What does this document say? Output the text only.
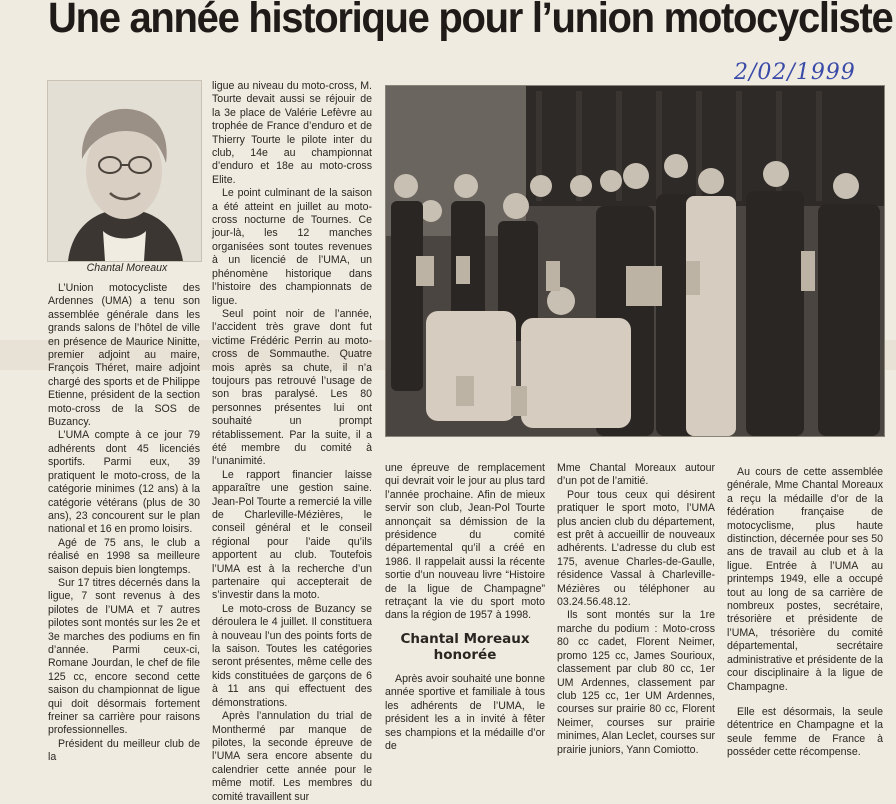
Une année historique pour l’union motocycliste
2/02/1999
Chantal Moreaux

L’Union motocycliste des Ardennes (UMA) a tenu son assemblée générale dans les grands salons de l’hôtel de ville en présence de Maurice Ninitte, premier adjoint au maire, François Théret, maire adjoint chargé des sports et de Philippe Etienne, président de la section moto-cross de la SOS de Buzancy.

L’UMA compte à ce jour 79 adhérents dont 45 licenciés sportifs. Parmi eux, 39 pratiquent le moto-cross, de la catégorie minimes (12 ans) à la catégorie vétérans (plus de 30 ans), 23 concourent sur le plan national et 16 en promo loisirs.

Agé de 75 ans, le club a réalisé en 1998 sa meilleure saison depuis bien longtemps.

Sur 17 titres décernés dans la ligue, 7 sont revenus à des pilotes de l’UMA et 7 autres pilotes sont montés sur les 2e et 3e marches des podiums en fin d’année. Parmi ceux-ci, Romane Jourdan, le chef de file 125 cc, encore second cette saison du championnat de ligue qui doit désormais fortement freiner sa carrière pour raisons professionnelles.

Président du meilleur club de la

ligue au niveau du moto-cross, M. Tourte devait aussi se réjouir de la 3e place de Valérie Lefèvre au trophée de France d’enduro et de Thierry Tourte le pilote inter du club, 14e au championnat d’enduro et 18e au moto-cross Elite.

Le point culminant de la saison a été atteint en juillet au moto-cross nocturne de Tournes. Ce jour-là, les 12 manches organisées sont toutes revenues à un licencié de l’UMA, un phénomène historique dans l’histoire des championnats de ligue.

Seul point noir de l’année, l’accident très grave dont fut victime Frédéric Perrin au moto-cross de Sommauthe. Quatre mois après sa chute, il n’a toujours pas retrouvé l’usage de son bras paralysé. Les 80 personnes présentes lui ont souhaité un prompt rétablissement. Par la suite, il a été membre du comité à l’unanimité.

Le rapport financier laisse apparaître une gestion saine. Jean-Pol Tourte a remercié la ville de Charleville-Mézières, le conseil général et le conseil régional pour l’aide qu’ils apportent au club. Toutefois l’UMA est à la recherche d’un partenaire qui accepterait de s’investir dans la moto.

Le moto-cross de Buzancy se déroulera le 4 juillet. Il constituera à nouveau l’un des points forts de la saison. Toutes les catégories seront présentes, même celle des kids constituées de garçons de 6 à 11 ans qui effectuent des démonstrations.

Après l’annulation du trial de Monthermé par manque de pilotes, la seconde épreuve de l’UMA sera encore absente du calendrier cette année pour le même motif. Les membres du comité travaillent sur

une épreuve de remplacement qui devrait voir le jour au plus tard l’année prochaine. Afin de mieux servir son club, Jean-Pol Tourte annonçait sa démission de la présidence du comité départemental qu’il a créé en 1986. Il rappelait aussi la récente sortie d’un nouveau livre “Histoire de la ligue de Champagne” retraçant la vie du sport moto dans la région de 1957 à 1998.

Chantal Moreaux honorée

Après avoir souhaité une bonne année sportive et familiale à tous les adhérents de l’UMA, le président les a in invité à fêter ses champions et la médaille d’or de

Mme Chantal Moreaux autour d’un pot de l’amitié.

Pour tous ceux qui désirent pratiquer le sport moto, l’UMA plus ancien club du département, est prêt à accueillir de nouveaux adhérents. L’adresse du club est 175, avenue Charles-de-Gaulle, résidence Vassal à Charleville-Mézières ou téléphoner au 03.24.56.48.12.

Ils sont montés sur la 1re marche du podium : Moto-cross 80 cc cadet, Florent Neimer, promo 125 cc, James Sourioux, classement par club 80 cc, 1er UM Ardennes, classement par club 125 cc, 1er UM Ardennes, courses sur prairie 80 cc, Florent Neimer, courses sur prairie minimes, Alan Leclet, courses sur prairie juniors, Yann Comiotto.

Au cours de cette assemblée générale, Mme Chantal Moreaux a reçu la médaille d’or de la fédération française de motocyclisme, plus haute distinction, décernée pour ses 50 ans de travail au club et à la ligue. Entrée à l’UMA au printemps 1949, elle a occupé tout au long de sa carrière de nombreux postes, secrétaire, trésorière et présidente de l’UMA, trésorière du comité départemental, secrétaire administrative et présidente de la cour disciplinaire à la ligue de Champagne.

Elle est désormais, la seule détentrice en Champagne et la seule femme de France à posséder cette récompense.
